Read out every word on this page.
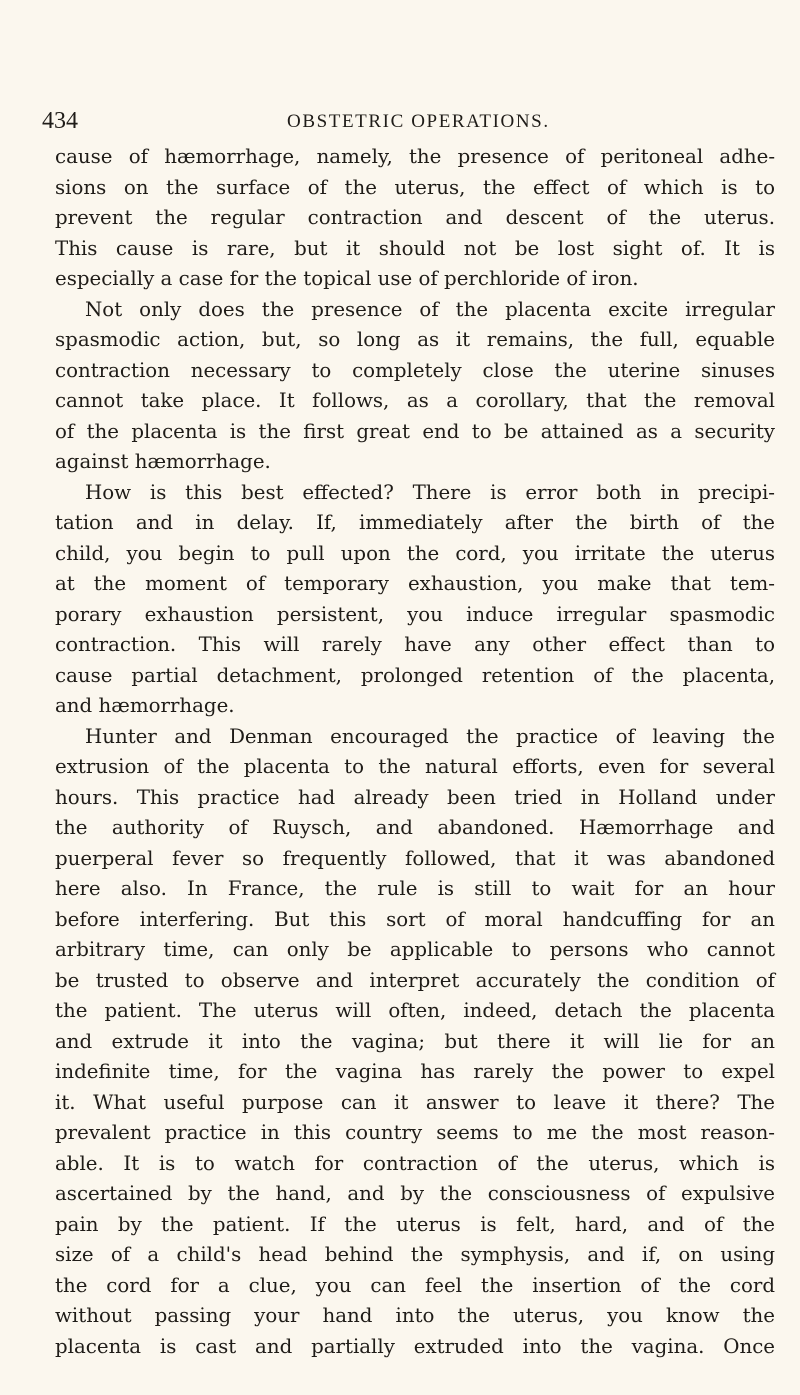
434	OBSTETRIC OPERATIONS.
cause of hæmorrhage, namely, the presence of peritoneal adhe-
sions on the surface of the uterus, the effect of which is to
prevent the regular contraction and descent of the uterus.
This cause is rare, but it should not be lost sight of. It is
especially a case for the topical use of perchloride of iron.
Not only does the presence of the placenta excite irregular
spasmodic action, but, so long as it remains, the full, equable
contraction necessary to completely close the uterine sinuses
cannot take place. It follows, as a corollary, that the removal
of the placenta is the first great end to be attained as a security
against hæmorrhage.
How is this best effected? There is error both in precipi-
tation and in delay. If, immediately after the birth of the
child, you begin to pull upon the cord, you irritate the uterus
at the moment of temporary exhaustion, you make that tem-
porary exhaustion persistent, you induce irregular spasmodic
contraction. This will rarely have any other effect than to
cause partial detachment, prolonged retention of the placenta,
and hæmorrhage.
Hunter and Denman encouraged the practice of leaving the
extrusion of the placenta to the natural efforts, even for several
hours. This practice had already been tried in Holland under
the authority of Ruysch, and abandoned. Hæmorrhage and
puerperal fever so frequently followed, that it was abandoned
here also. In France, the rule is still to wait for an hour
before interfering. But this sort of moral handcuffing for an
arbitrary time, can only be applicable to persons who cannot
be trusted to observe and interpret accurately the condition of
the patient. The uterus will often, indeed, detach the placenta
and extrude it into the vagina; but there it will lie for an
indefinite time, for the vagina has rarely the power to expel
it. What useful purpose can it answer to leave it there? The
prevalent practice in this country seems to me the most reason-
able. It is to watch for contraction of the uterus, which is
ascertained by the hand, and by the consciousness of expulsive
pain by the patient. If the uterus is felt, hard, and of the
size of a child's head behind the symphysis, and if, on using
the cord for a clue, you can feel the insertion of the cord
without passing your hand into the uterus, you know the
placenta is cast and partially extruded into the vagina. Once
